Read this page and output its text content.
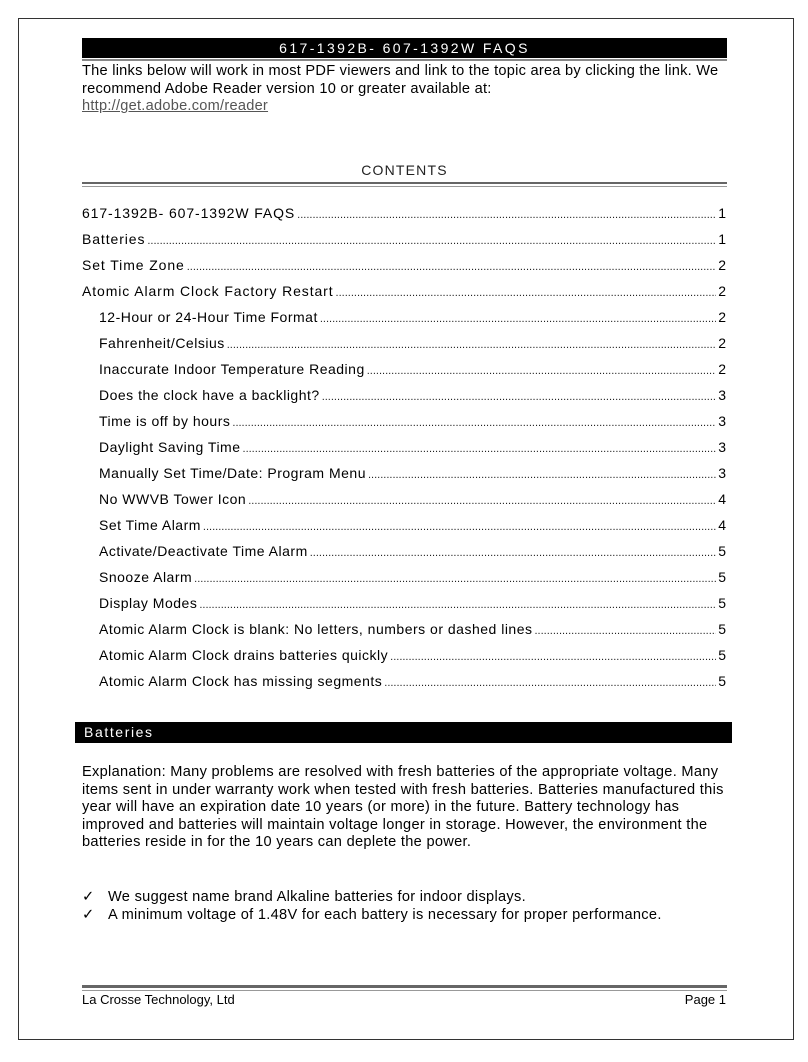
617-1392B- 607-1392W FAQS
The links below will work in most PDF viewers and link to the topic area by clicking the link. We recommend Adobe Reader version 10 or greater available at:
http://get.adobe.com/reader
CONTENTS
617-1392B- 607-1392W FAQS .....	1
Batteries .....	1
Set Time Zone .....	2
Atomic Alarm Clock Factory Restart .....	2
12-Hour or 24-Hour Time Format .....	2
Fahrenheit/Celsius .....	2
Inaccurate Indoor Temperature Reading .....	2
Does the clock have a backlight? .....	3
Time is off by hours .....	3
Daylight Saving Time .....	3
Manually Set Time/Date: Program Menu .....	3
No WWVB Tower Icon .....	4
Set Time Alarm .....	4
Activate/Deactivate Time Alarm .....	5
Snooze Alarm .....	5
Display Modes .....	5
Atomic Alarm Clock is blank: No letters, numbers or dashed lines .....	5
Atomic Alarm Clock drains batteries quickly .....	5
Atomic Alarm Clock has missing segments .....	5
Batteries
Explanation: Many problems are resolved with fresh batteries of the appropriate voltage. Many items sent in under warranty work when tested with fresh batteries. Batteries manufactured this year will have an expiration date 10 years (or more) in the future. Battery technology has improved and batteries will maintain voltage longer in storage. However, the environment the batteries reside in for the 10 years can deplete the power.
✓ We suggest name brand Alkaline batteries for indoor displays.
✓ A minimum voltage of 1.48V for each battery is necessary for proper performance.
La Crosse Technology, Ltd	Page 1
